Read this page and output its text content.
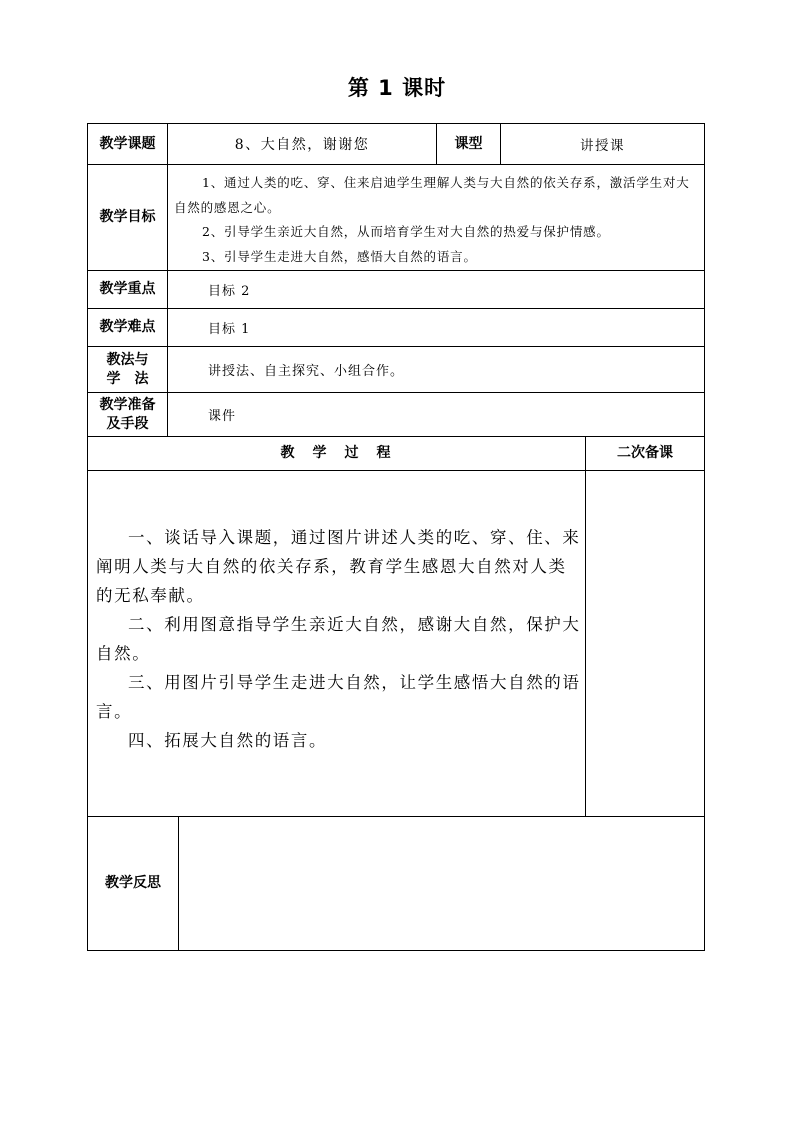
第 1 课时
教学课题	8、大自然，谢谢您	课型	讲授课
教学目标

1、通过人类的吃、穿、住来启迪学生理解人类与大自然的依关存系，激活学生对大自然的感恩之心。

2、引导学生亲近大自然，从而培育学生对大自然的热爱与保护情感。

3、引导学生走进大自然，感悟大自然的语言。

教学重点	目标 2
教学难点	目标 1
教法与
学　法	讲授法、自主探究、小组合作。
教学准备
及手段	课件
教　学　过　程	二次备课

一、谈话导入课题，通过图片讲述人类的吃、穿、住、来阐明人类与大自然的依关存系，教育学生感恩大自然对人类的无私奉献。

二、利用图意指导学生亲近大自然，感谢大自然，保护大自然。

三、用图片引导学生走进大自然，让学生感悟大自然的语言。

四、拓展大自然的语言。

教学反思
